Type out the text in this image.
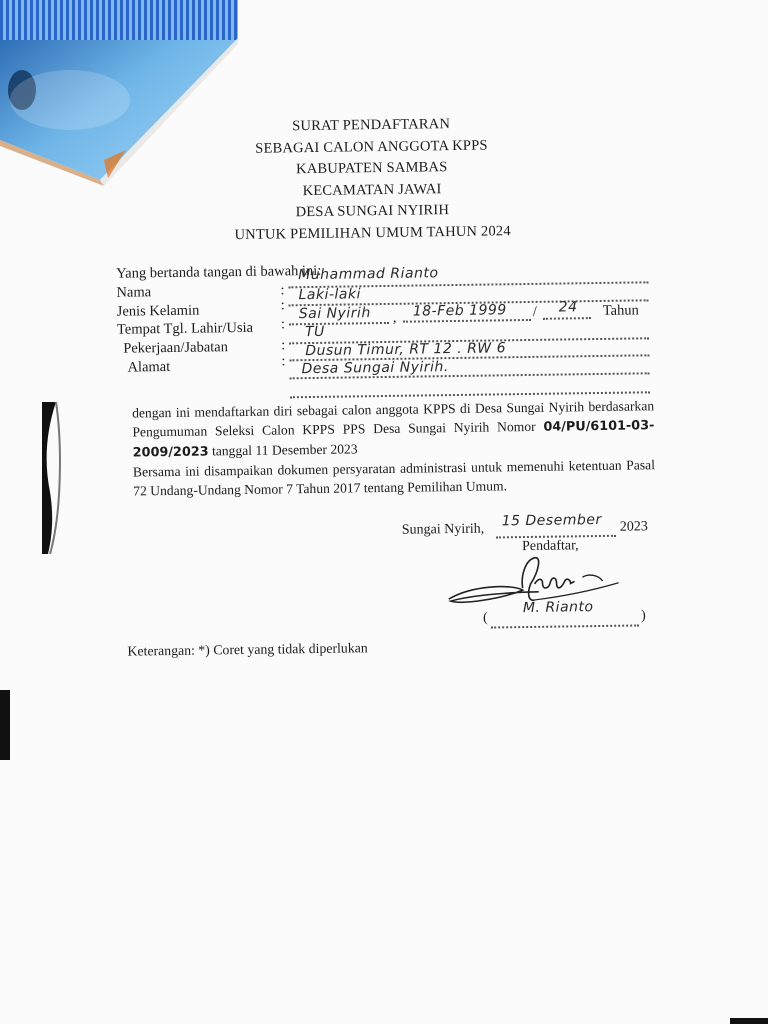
SURAT PENDAFTARAN
SEBAGAI CALON ANGGOTA KPPS
KABUPATEN SAMBAS
KECAMATAN JAWAI
DESA SUNGAI NYIRIH
UNTUK PEMILIHAN UMUM TAHUN 2024
Yang bertanda tangan di bawah ini:
Nama	:
Muhammad Rianto
Jenis Kelamin	:
Laki-laki
Tempat Tgl. Lahir/Usia :
Sai Nyirih , 18-Feb 1999 / 24 Tahun
Pekerjaan/Jabatan	:
TU
Alamat	:
Dusun Timur, RT 12 . RW 6
Desa Sungai Nyirih.

dengan ini mendaftarkan diri sebagai calon anggota KPPS di Desa Sungai Nyirih berdasarkan Pengumuman Seleksi Calon KPPS PPS Desa Sungai Nyirih Nomor 04/PU/6101-03-2009/2023 tanggal 11 Desember 2023

Bersama ini disampaikan dokumen persyaratan administrasi untuk memenuhi ketentuan Pasal 72 Undang-Undang Nomor 7 Tahun 2017 tentang Pemilihan Umum.

Sungai Nyirih,
15 Desember 2023
Pendaftar,
(
M. Rianto	)
Keterangan: *) Coret yang tidak diperlukan
